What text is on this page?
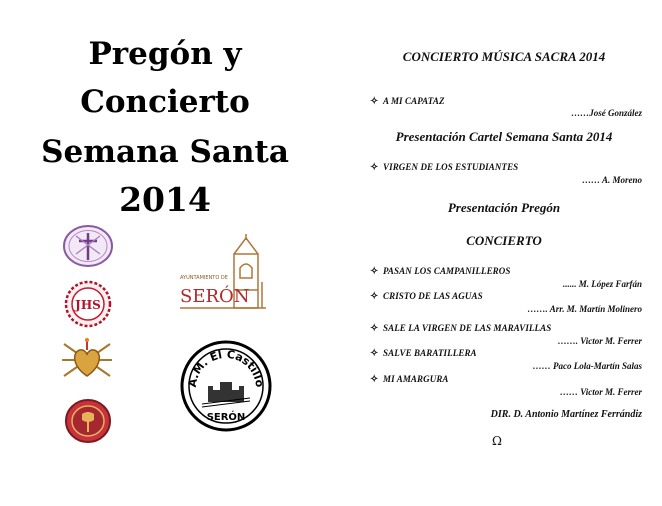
Pregón y
Concierto
Semana Santa
2014
JHS
AYUNTAMIENTO DE
SERÓN
A.M. El Castillo
SERÓN
CONCIERTO MÚSICA SACRA 2014
✧ A MI CAPATAZ
……José González
Presentación Cartel Semana Santa 2014
✧ VIRGEN DE LOS ESTUDIANTES
…… A. Moreno
Presentación Pregón
CONCIERTO
✧ PASAN LOS CAMPANILLEROS
...... M. López Farfán
✧ CRISTO DE LAS AGUAS
……. Arr. M. Martín Molinero
✧ SALE LA VIRGEN DE LAS MARAVILLAS
……. Victor M. Ferrer
✧ SALVE BARATILLERA
…… Paco Lola-Martín Salas
✧ MI AMARGURA
…… Victor M. Ferrer
DIR. D. Antonio Martínez Ferrándiz
Ω
